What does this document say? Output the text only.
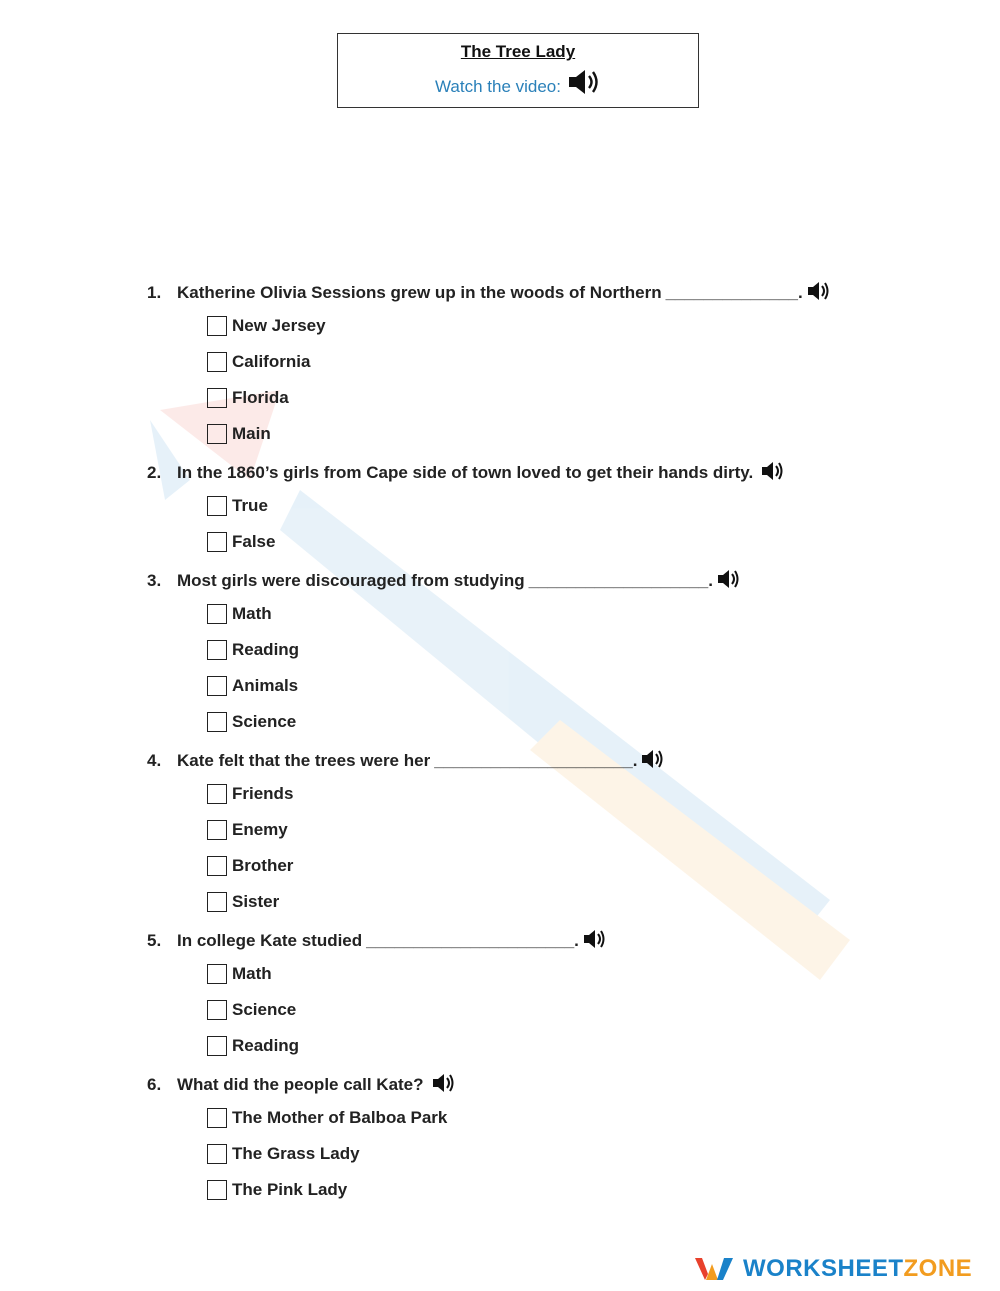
The Tree Lady
Watch the video:
1. Katherine Olivia Sessions grew up in the woods of Northern ______________.
New Jersey
California
Florida
Main
2. In the 1860’s girls from Cape side of town loved to get their hands dirty.
True
False
3. Most girls were discouraged from studying ___________________.
Math
Reading
Animals
Science
4. Kate felt that the trees were her _____________________.
Friends
Enemy
Brother
Sister
5. In college Kate studied ______________________.
Math
Science
Reading
6. What did the people call Kate?
The Mother of Balboa Park
The Grass Lady
The Pink Lady
WORKSHEETZONE
